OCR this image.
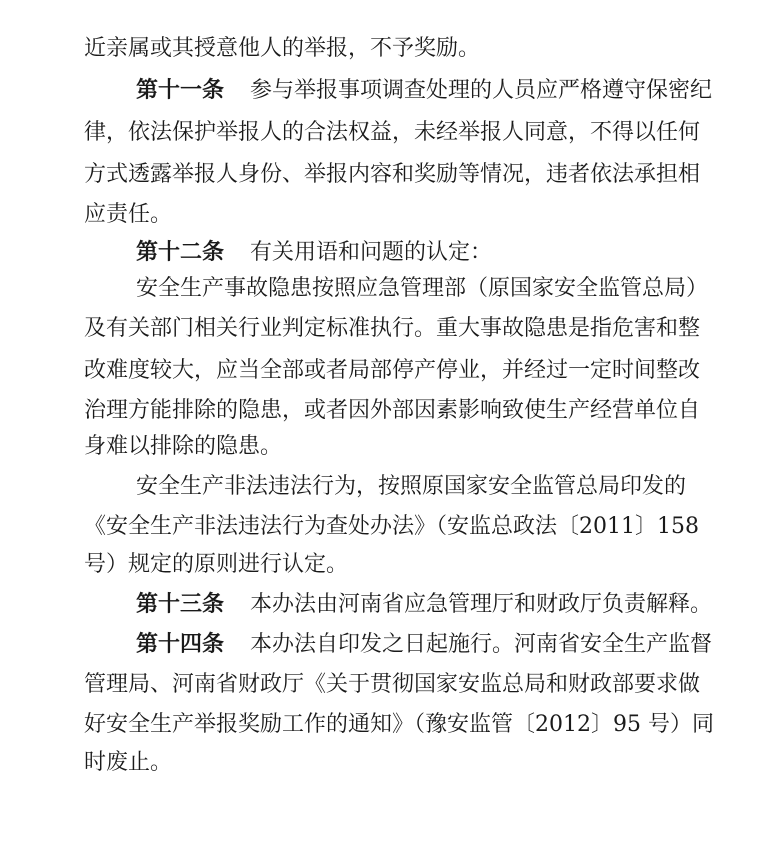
近亲属或其授意他人的举报，不予奖励。
第十一条 参与举报事项调查处理的人员应严格遵守保密纪
律，依法保护举报人的合法权益，未经举报人同意，不得以任何
方式透露举报人身份、举报内容和奖励等情况，违者依法承担相
应责任。
第十二条 有关用语和问题的认定：
安全生产事故隐患按照应急管理部（原国家安全监管总局）
及有关部门相关行业判定标准执行。重大事故隐患是指危害和整
改难度较大，应当全部或者局部停产停业，并经过一定时间整改
治理方能排除的隐患，或者因外部因素影响致使生产经营单位自
身难以排除的隐患。
安全生产非法违法行为，按照原国家安全监管总局印发的
《安全生产非法违法行为查处办法》（安监总政法〔2011〕158
号）规定的原则进行认定。
第十三条 本办法由河南省应急管理厅和财政厅负责解释。
第十四条 本办法自印发之日起施行。河南省安全生产监督
管理局、河南省财政厅《关于贯彻国家安监总局和财政部要求做
好安全生产举报奖励工作的通知》（豫安监管〔2012〕95 号）同
时废止。
